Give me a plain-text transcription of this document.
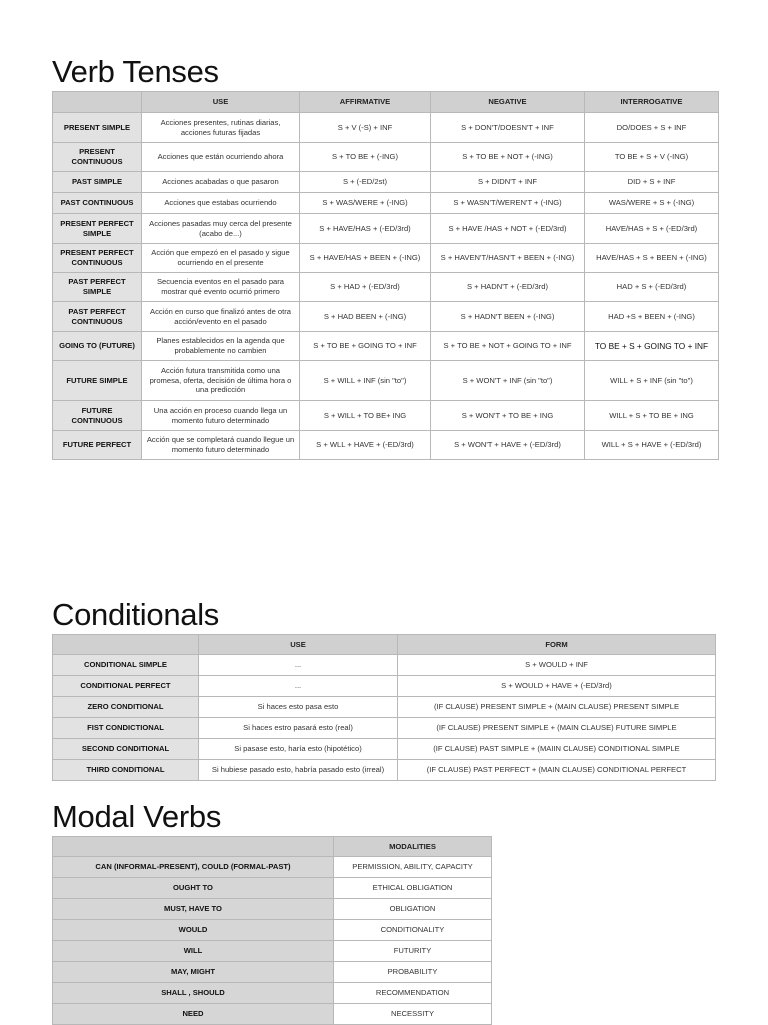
Verb Tenses
	USE	AFFIRMATIVE	NEGATIVE	INTERROGATIVE
PRESENT SIMPLE	Acciones presentes, rutinas diarias, acciones futuras fijadas	S + V (-S) + INF	S + DON'T/DOESN'T + INF	DO/DOES + S + INF
PRESENT CONTINUOUS	Acciones que están ocurriendo ahora	S + TO BE + (-ING)	S + TO BE + NOT + (-ING)	TO BE + S + V (-ING)
PAST SIMPLE	Acciones acabadas o que pasaron	S + (-ED/2st)	S + DIDN'T + INF	DID + S + INF
PAST CONTINUOUS	Acciones que estabas ocurriendo	S + WAS/WERE + (-ING)	S + WASN'T/WEREN'T + (-ING)	WAS/WERE + S + (-ING)
PRESENT PERFECT SIMPLE	Acciones pasadas muy cerca del presente (acabo de...)	S + HAVE/HAS + (-ED/3rd)	S + HAVE /HAS + NOT + (-ED/3rd)	HAVE/HAS + S + (-ED/3rd)
PRESENT PERFECT CONTINUOUS	Acción que empezó en el pasado y sigue ocurriendo en el presente	S + HAVE/HAS + BEEN + (-ING)	S + HAVEN'T/HASN'T + BEEN + (-ING)	HAVE/HAS + S + BEEN + (-ING)
PAST PERFECT SIMPLE	Secuencia eventos en el pasado para mostrar qué evento ocurrió primero	S + HAD + (-ED/3rd)	S + HADN'T + (-ED/3rd)	HAD + S + (-ED/3rd)
PAST PERFECT CONTINUOUS	Acción en curso que finalizó antes de otra acción/evento en el pasado	S + HAD BEEN + (-ING)	S + HADN'T BEEN + (-ING)	HAD +S + BEEN + (-ING)
GOING TO (FUTURE)	Planes establecidos en la agenda que probablemente no cambien	S + TO BE + GOING TO + INF	S + TO BE + NOT + GOING TO + INF	TO BE + S + GOING TO + INF
FUTURE SIMPLE	Acción futura transmitida como una promesa, oferta, decisión de última hora o una predicción	S + WILL + INF (sin "to")	S + WON'T + INF (sin "to")	WILL + S + INF (sin "to")
FUTURE CONTINUOUS	Una acción en proceso cuando llega un momento futuro determinado	S + WILL + TO BE+ ING	S + WON'T + TO BE + ING	WILL + S + TO BE + ING
FUTURE PERFECT	Acción que se completará cuando llegue un momento futuro determinado	S + WLL + HAVE + (-ED/3rd)	S + WON'T + HAVE + (-ED/3rd)	WILL + S + HAVE + (-ED/3rd)
Conditionals
	USE	FORM
CONDITIONAL SIMPLE	...	S + WOULD + INF
CONDITIONAL PERFECT	...	S + WOULD + HAVE + (-ED/3rd)
ZERO CONDITIONAL	Si haces esto pasa esto	(IF CLAUSE) PRESENT SIMPLE + (MAIN CLAUSE) PRESENT SIMPLE
FIST CONDICTIONAL	Si haces estro pasará esto (real)	(IF CLAUSE) PRESENT SIMPLE + (MAIN CLAUSE) FUTURE SIMPLE
SECOND CONDITIONAL	Si pasase esto, haría esto (hipotético)	(IF CLAUSE) PAST SIMPLE + (MAIIN CLAUSE) CONDITIONAL SIMPLE
THIRD CONDITIONAL	Si hubiese pasado esto, habría pasado esto (irreal)	(IF CLAUSE) PAST PERFECT + (MAIN CLAUSE) CONDITIONAL PERFECT
Modal Verbs
	MODALITIES
CAN (INFORMAL-PRESENT), COULD (FORMAL-PAST)	PERMISSION, ABILITY, CAPACITY
OUGHT TO	ETHICAL OBLIGATION
MUST, HAVE TO	OBLIGATION
WOULD	CONDITIONALITY
WILL	FUTURITY
MAY, MIGHT	PROBABILITY
SHALL , SHOULD	RECOMMENDATION
NEED	NECESSITY
